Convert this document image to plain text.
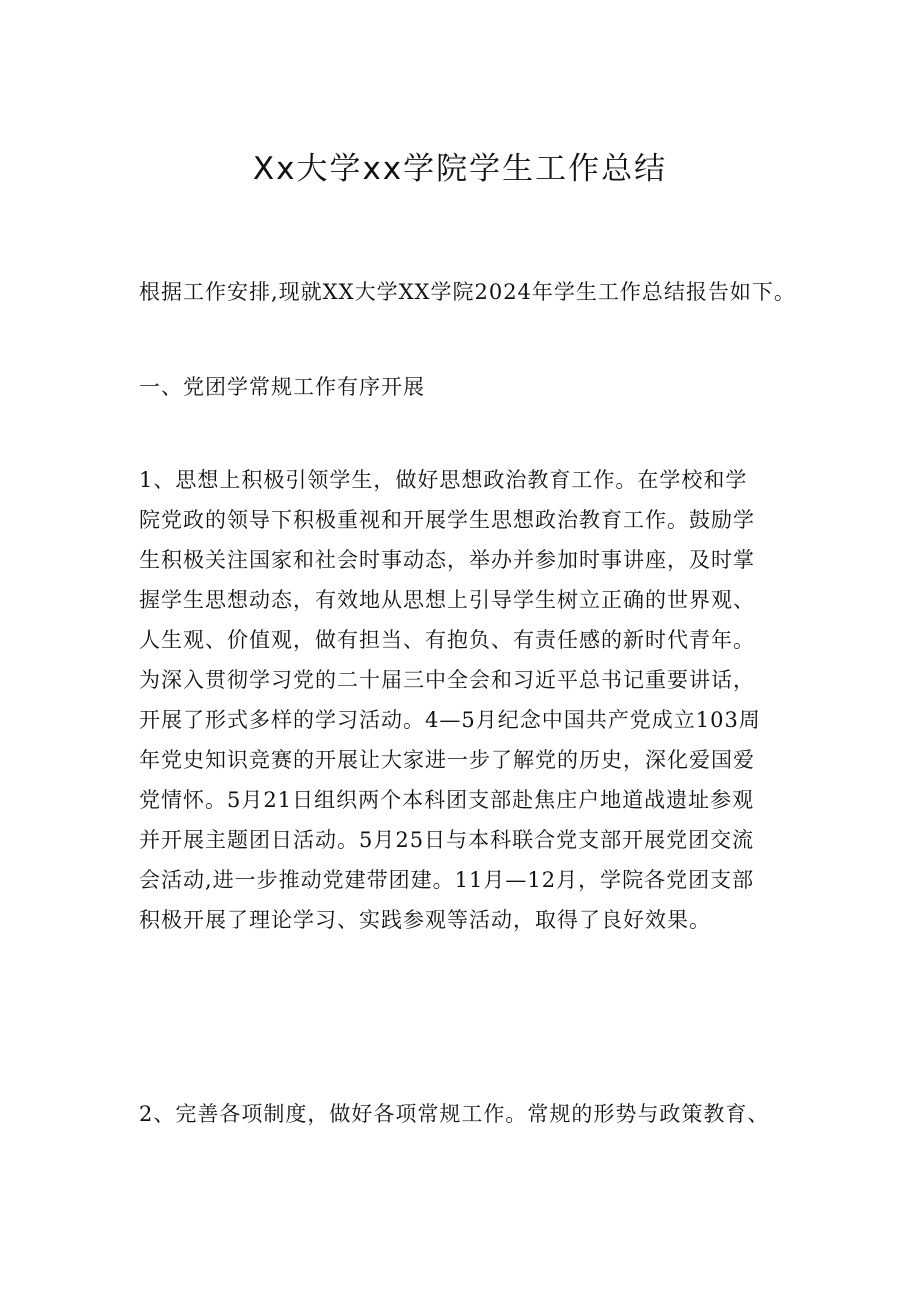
Xx大学xx学院学生工作总结

根据工作安排,现就XX大学XX学院2024年学生工作总结报告如下。

一、党团学常规工作有序开展

1、思想上积极引领学生，做好思想政治教育工作。在学校和学
院党政的领导下积极重视和开展学生思想政治教育工作。鼓励学
生积极关注国家和社会时事动态，举办并参加时事讲座，及时掌
握学生思想动态，有效地从思想上引导学生树立正确的世界观、
人生观、价值观，做有担当、有抱负、有责任感的新时代青年。
为深入贯彻学习党的二十届三中全会和习近平总书记重要讲话，
开展了形式多样的学习活动。4—5月纪念中国共产党成立103周
年党史知识竞赛的开展让大家进一步了解党的历史，深化爱国爱
党情怀。5月21日组织两个本科团支部赴焦庄户地道战遗址参观
并开展主题团日活动。5月25日与本科联合党支部开展党团交流
会活动,进一步推动党建带团建。11月—12月，学院各党团支部
积极开展了理论学习、实践参观等活动，取得了良好效果。
2、完善各项制度，做好各项常规工作。常规的形势与政策教育、
